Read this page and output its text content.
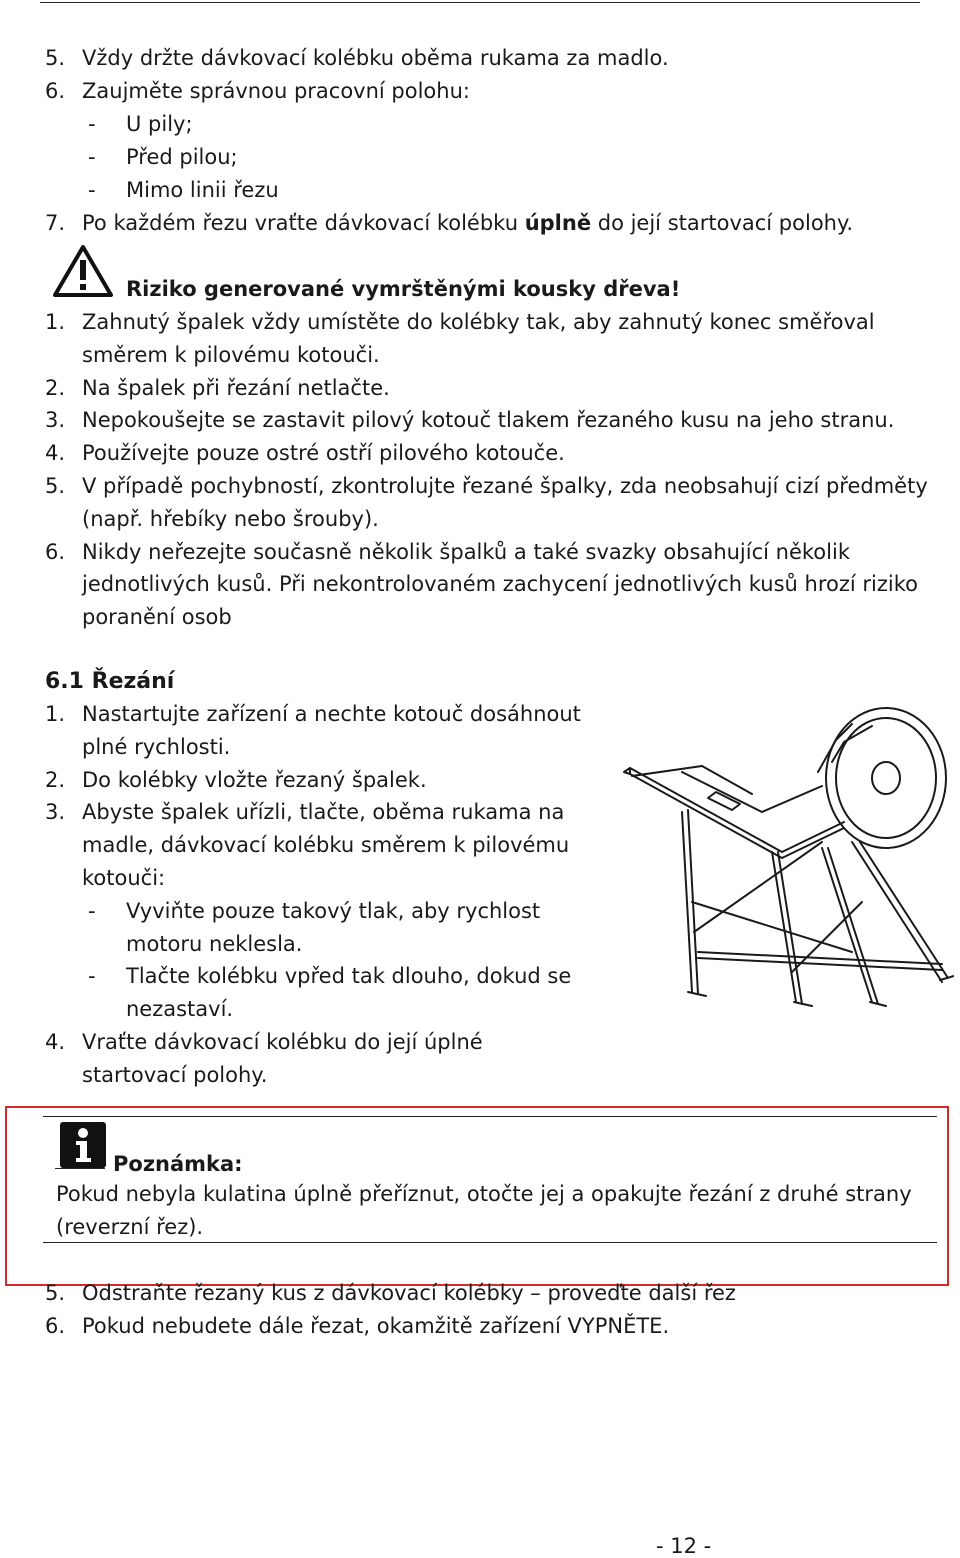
5. Vždy držte dávkovací kolébku oběma rukama za madlo.
6. Zaujměte správnou pracovní polohu:
- U pily;
- Před pilou;
- Mimo linii řezu
7. Po každém řezu vraťte dávkovací kolébku úplně do její startovací polohy.
Riziko generované vymrštěnými kousky dřeva!
1. Zahnutý špalek vždy umístěte do kolébky tak, aby zahnutý konec směřoval
směrem k pilovému kotouči.
2. Na špalek při řezání netlačte.
3. Nepokoušejte se zastavit pilový kotouč tlakem řezaného kusu na jeho stranu.
4. Používejte pouze ostré ostří pilového kotouče.
5. V případě pochybností, zkontrolujte řezané špalky, zda neobsahují cizí předměty
(např. hřebíky nebo šrouby).
6. Nikdy neřezejte současně několik špalků a také svazky obsahující několik
jednotlivých kusů. Při nekontrolovaném zachycení jednotlivých kusů hrozí riziko
poranění osob
6.1 Řezání
1. Nastartujte zařízení a nechte kotouč dosáhnout
plné rychlosti.
2. Do kolébky vložte řezaný špalek.
3. Abyste špalek uřízli, tlačte, oběma rukama na
madle, dávkovací kolébku směrem k pilovému
kotouči:
- Vyviňte pouze takový tlak, aby rychlost
motoru neklesla.
- Tlačte kolébku vpřed tak dlouho, dokud se
nezastaví.
4. Vraťte dávkovací kolébku do její úplné
startovací polohy.
Poznámka:
Pokud nebyla kulatina úplně přeříznut, otočte jej a opakujte řezání z druhé strany
(reverzní řez).
5. Odstraňte řezaný kus z dávkovací kolébky – proveďte další řez
6. Pokud nebudete dále řezat, okamžitě zařízení VYPNĚTE.
- 12 -
